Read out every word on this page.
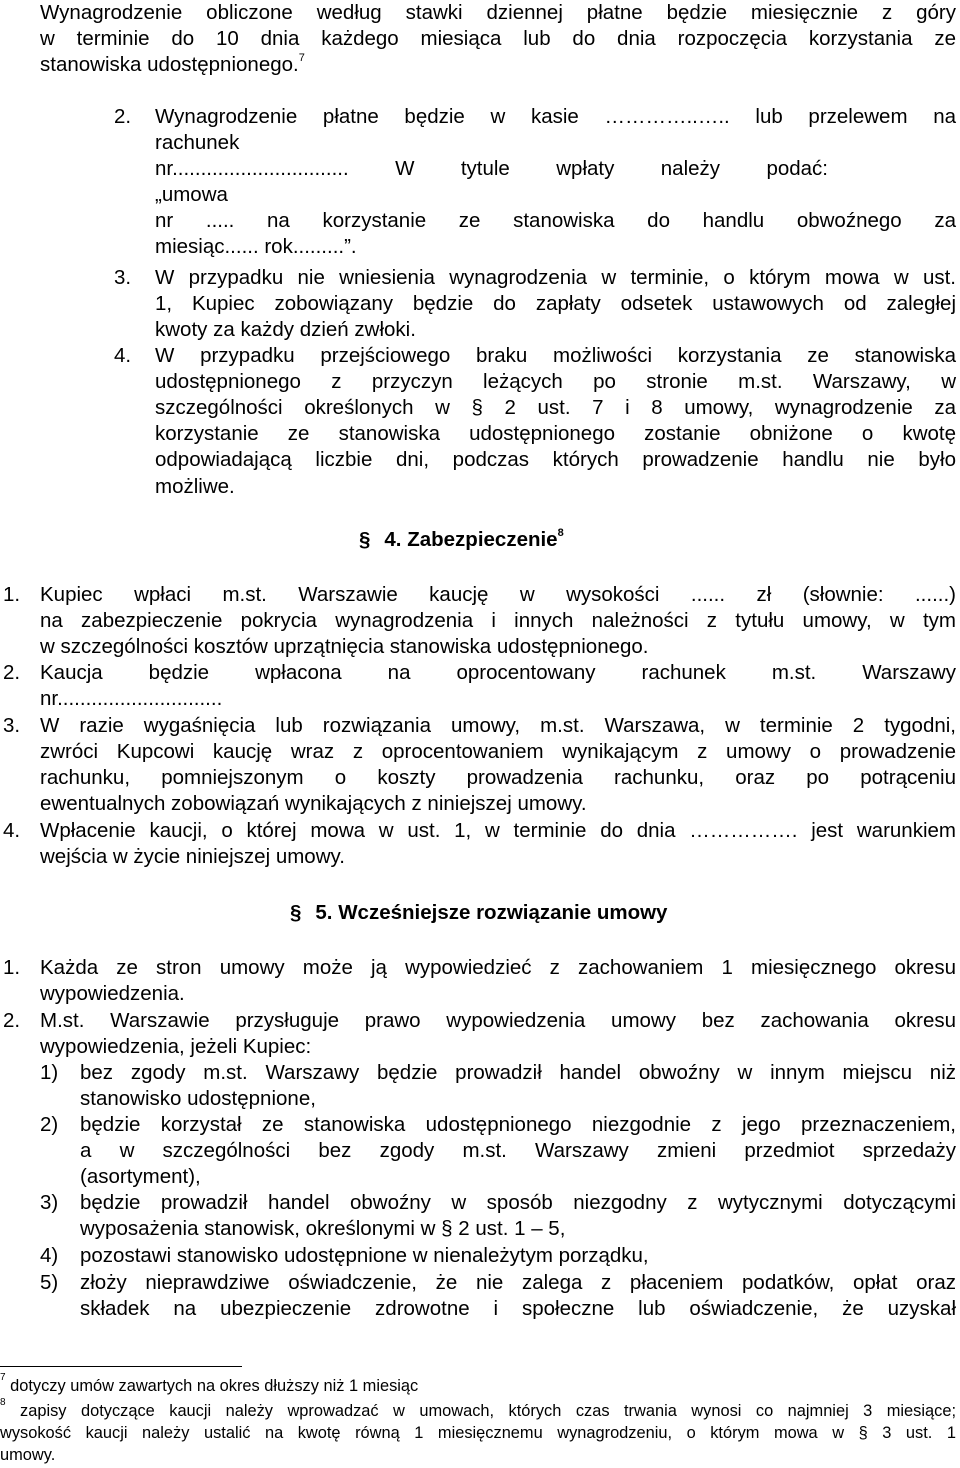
Wynagrodzenie obliczone według stawki dziennej płatne będzie miesięcznie z góry
w terminie do 10 dnia każdego miesiąca lub do dnia rozpoczęcia korzystania ze
stanowiska udostępnionego.$^7$
2. Wynagrodzenie płatne będzie w kasie …………..….. lub przelewem na
rachunek
nr............................... W tytule wpłaty należy podać:
„umowa
nr ..... na korzystanie ze stanowiska do handlu obwoźnego za
miesiąc...... rok.........”.
3. W przypadku nie wniesienia wynagrodzenia w terminie, o którym mowa w ust.
1, Kupiec zobowiązany będzie do zapłaty odsetek ustawowych od zaległej
kwoty za każdy dzień zwłoki.
4. W przypadku przejściowego braku możliwości korzystania ze stanowiska
udostępnionego z przyczyn leżących po stronie m.st. Warszawy, w
szczególności określonych w § 2 ust. 7 i 8 umowy, wynagrodzenie za
korzystanie ze stanowiska udostępnionego zostanie obniżone o kwotę
odpowiadającą liczbie dni, podczas których prowadzenie handlu nie było
możliwe.
§ 4. Zabezpieczenie$^8$
1. Kupiec wpłaci m.st. Warszawie kaucję w wysokości ...... zł (słownie: ......)
na zabezpieczenie pokrycia wynagrodzenia i innych należności z tytułu umowy, w tym
w szczególności kosztów uprzątnięcia stanowiska udostępnionego.
2. Kaucja będzie wpłacona na oprocentowany rachunek m.st. Warszawy
nr.............................
3. W razie wygaśnięcia lub rozwiązania umowy, m.st. Warszawa, w terminie 2 tygodni,
zwróci Kupcowi kaucję wraz z oprocentowaniem wynikającym z umowy o prowadzenie
rachunku, pomniejszonym o koszty prowadzenia rachunku, oraz po potrąceniu
ewentualnych zobowiązań wynikających z niniejszej umowy.
4. Wpłacenie kaucji, o której mowa w ust. 1, w terminie do dnia ……………. jest warunkiem
wejścia w życie niniejszej umowy.
§ 5. Wcześniejsze rozwiązanie umowy
1. Każda ze stron umowy może ją wypowiedzieć z zachowaniem 1 miesięcznego okresu
wypowiedzenia.
2. M.st. Warszawie przysługuje prawo wypowiedzenia umowy bez zachowania okresu
wypowiedzenia, jeżeli Kupiec:
1) bez zgody m.st. Warszawy będzie prowadził handel obwoźny w innym miejscu niż
stanowisko udostępnione,
2) będzie korzystał ze stanowiska udostępnionego niezgodnie z jego przeznaczeniem,
a w szczególności bez zgody m.st. Warszawy zmieni przedmiot sprzedaży
(asortyment),
3) będzie prowadził handel obwoźny w sposób niezgodny z wytycznymi dotyczącymi
wyposażenia stanowisk, określonymi w § 2 ust. 1 – 5,
4) pozostawi stanowisko udostępnione w nienależytym porządku,
5) złoży nieprawdziwe oświadczenie, że nie zalega z płaceniem podatków, opłat oraz
składek na ubezpieczenie zdrowotne i społeczne lub oświadczenie, że uzyskał
$^7$ dotyczy umów zawartych na okres dłuższy niż 1 miesiąc
$^8$ zapisy dotyczące kaucji należy wprowadzać w umowach, których czas trwania wynosi co najmniej 3 miesiące;
wysokość kaucji należy ustalić na kwotę równą 1 miesięcznemu wynagrodzeniu, o którym mowa w § 3 ust. 1
umowy.
